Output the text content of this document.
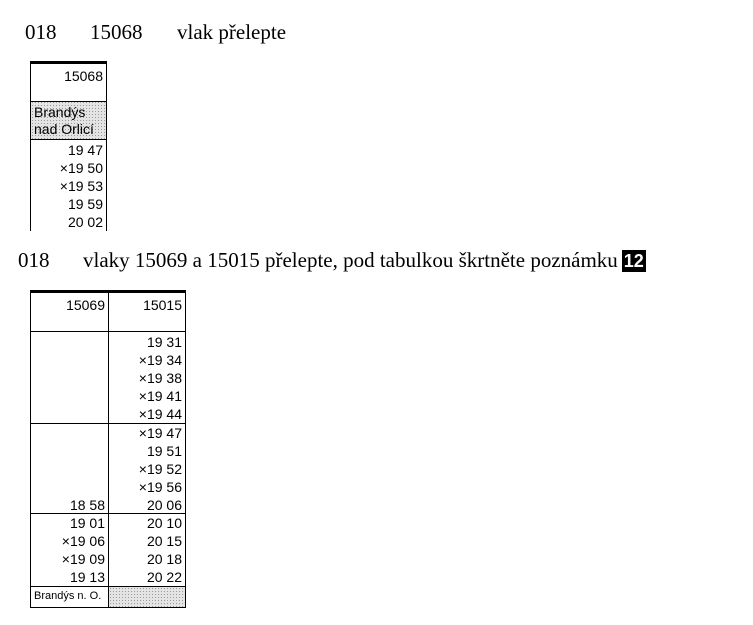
018 15068 vlak přelepte
15068
Brandýs
nad Orlicí
19 47
×19 50
×19 53
19 59
20 02
018 vlaky 15069 a 15015 přelepte, pod tabulkou škrtněte poznámku 12
15069
18 58
19 01
×19 06
×19 09
19 13
Brandýs n. O.
15015
19 31
×19 34
×19 38
×19 41
×19 44
×19 47
19 51
×19 52
×19 56
20 06
20 10
20 15
20 18
20 22
